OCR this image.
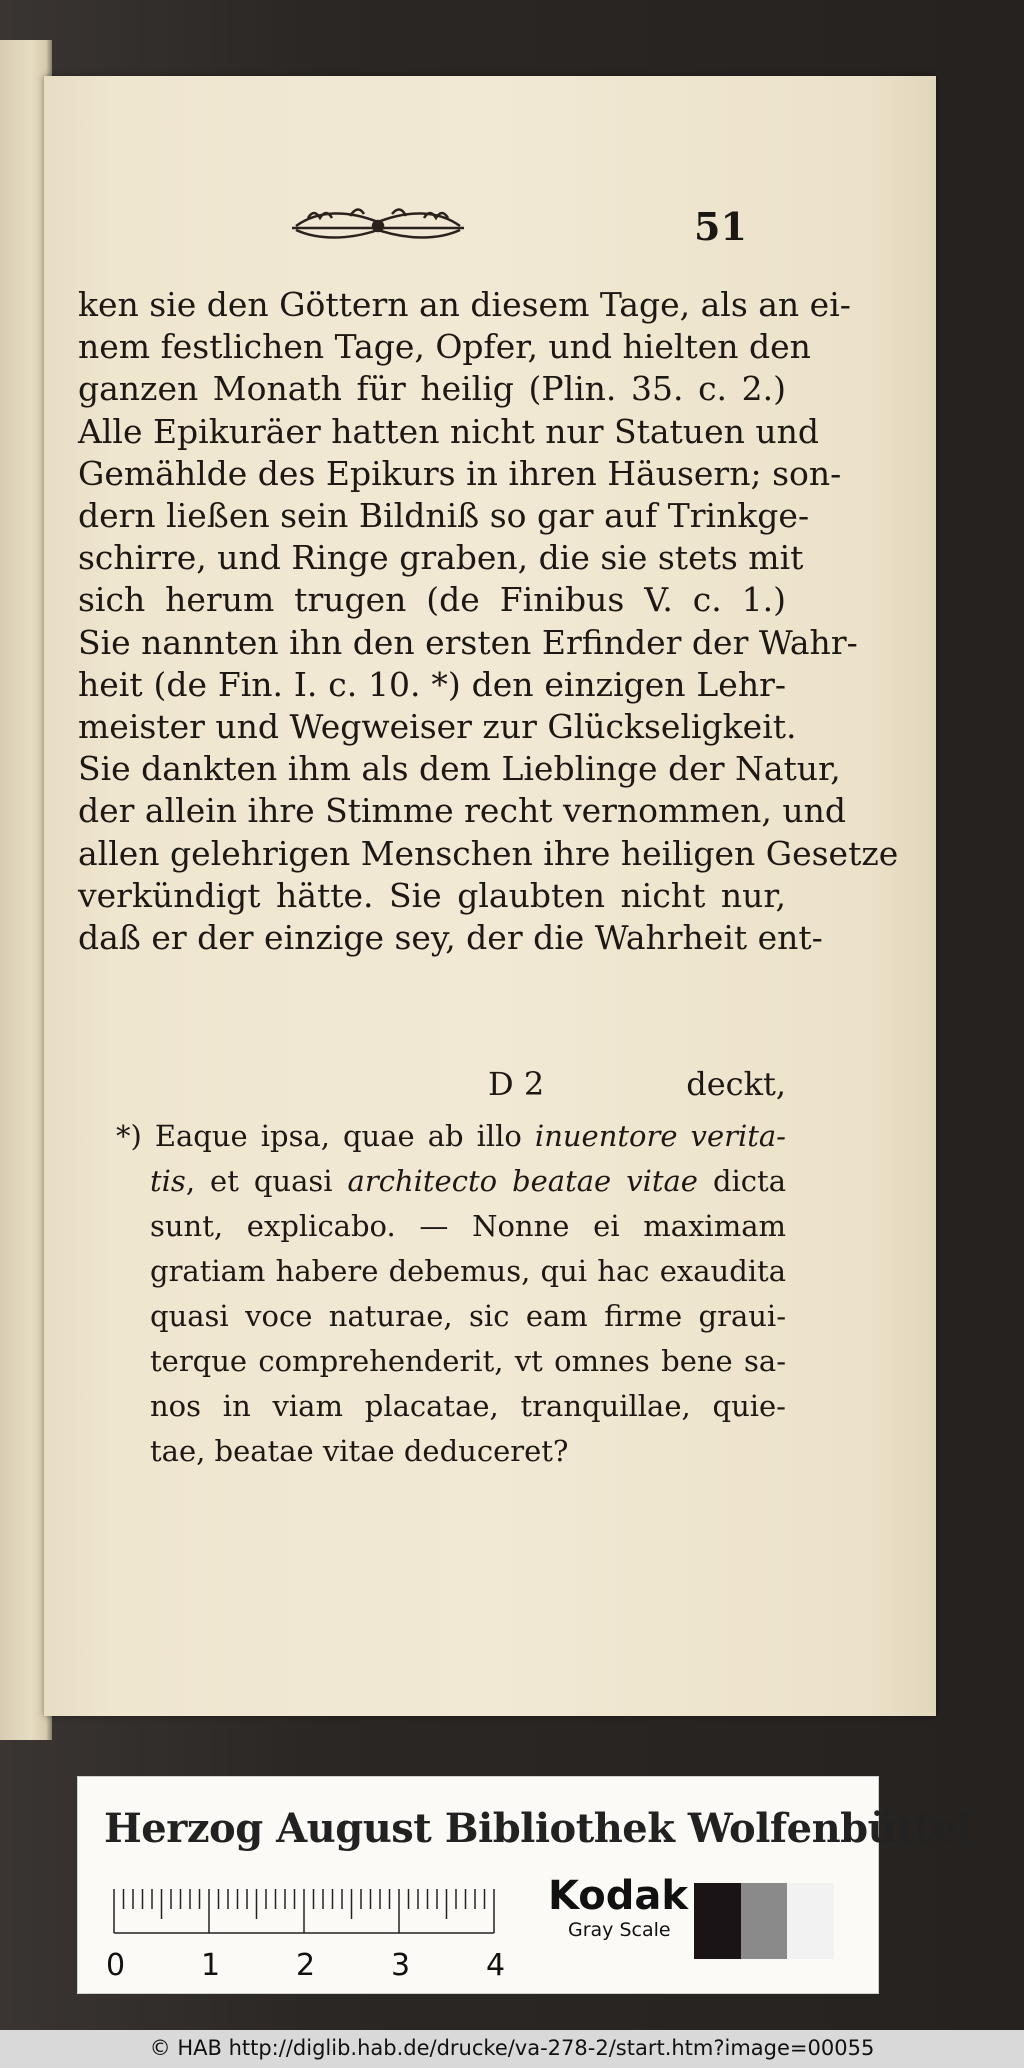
51
ken sie den Göttern an diesem Tage, als an ei-
nem festlichen Tage, Opfer, und hielten den
ganzen Monath für heilig (Plin. 35. c. 2.)
Alle Epikuräer hatten nicht nur Statuen und
Gemählde des Epikurs in ihren Häusern; son-
dern ließen sein Bildniß so gar auf Trinkge-
schirre, und Ringe graben, die sie stets mit
sich herum trugen (de Finibus V. c. 1.)
Sie nannten ihn den ersten Erfinder der Wahr-
heit (de Fin. I. c. 10. *) den einzigen Lehr-
meister und Wegweiser zur Glückseligkeit.
Sie dankten ihm als dem Lieblinge der Natur,
der allein ihre Stimme recht vernommen, und
allen gelehrigen Menschen ihre heiligen Gesetze
verkündigt hätte. Sie glaubten nicht nur,
daß er der einzige sey, der die Wahrheit ent-
D 2	deckt,
*) Eaque ipsa, quae ab illo inuentore verita-
tis, et quasi architecto beatae vitae dicta
sunt, explicabo. — Nonne ei maximam
gratiam habere debemus, qui hac exaudita
quasi voce naturae, sic eam firme graui-
terque comprehenderit, vt omnes bene sa-
nos in viam placatae, tranquillae, quie-
tae, beatae vitae deduceret?
Herzog August Bibliothek Wolfenbüttel
0	1	2	3	4
Kodak
Gray Scale
© HAB http://diglib.hab.de/drucke/va-278-2/start.htm?image=00055
